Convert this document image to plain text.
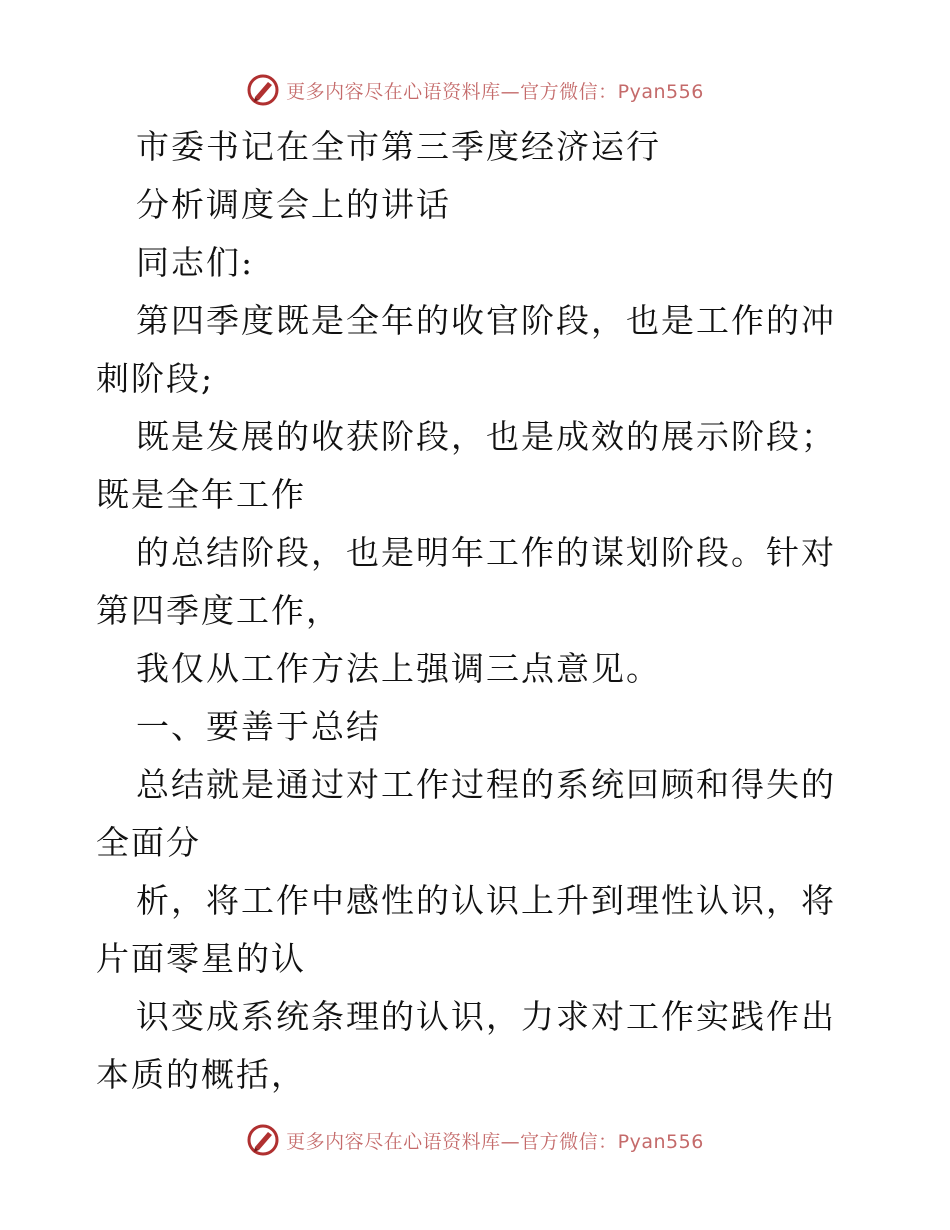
更多内容尽在心语资料库—官方微信：Pyan556

市委书记在全市第三季度经济运行

分析调度会上的讲话

同志们:

第四季度既是全年的收官阶段，也是工作的冲刺阶段;

既是发展的收获阶段，也是成效的展示阶段；既是全年工作

的总结阶段，也是明年工作的谋划阶段。针对第四季度工作，

我仅从工作方法上强调三点意见。

一、要善于总结

总结就是通过对工作过程的系统回顾和得失的全面分

析，将工作中感性的认识上升到理性认识，将片面零星的认

识变成系统条理的认识，力求对工作实践作出本质的概括，

更多内容尽在心语资料库—官方微信：Pyan556
